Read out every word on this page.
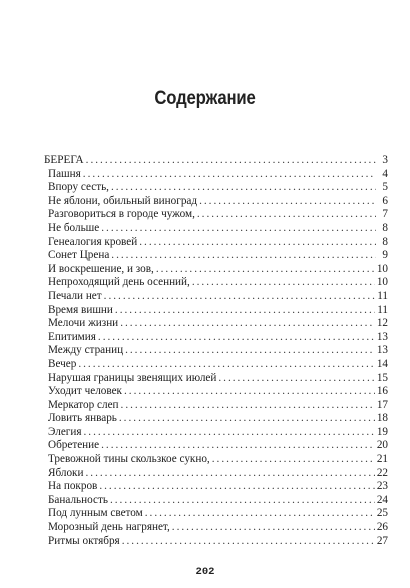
Содержание
БЕРЕГА . . .	3
Пашня . . .	4
Впору сесть, . . .	5
Не яблони, обильный виноград . . .	6
Разговориться в городе чужом, . . .	7
Не больше . . .	8
Генеалогия кровей . . .	8
Сонет Црена . . .	9
И воскрешение, и зов, . . .	10
Непроходящий день осенний, . . .	10
Печали нет . . .	11
Время вишни . . .	11
Мелочи жизни . . .	12
Епитимия . . .	13
Между страниц . . .	13
Вечер . . .	14
Нарушая границы звенящих июлей . . .	15
Уходит человек . . .	16
Меркатор слеп . . .	17
Ловить январь . . .	18
Элегия . . .	19
Обретение . . .	20
Тревожной тины скользкое сукно, . . .	21
Яблоки . . .	22
На покров . . .	23
Банальность . . .	24
Под лунным светом . . .	25
Морозный день нагрянет, . . .	26
Ритмы октября . . .	27
202
